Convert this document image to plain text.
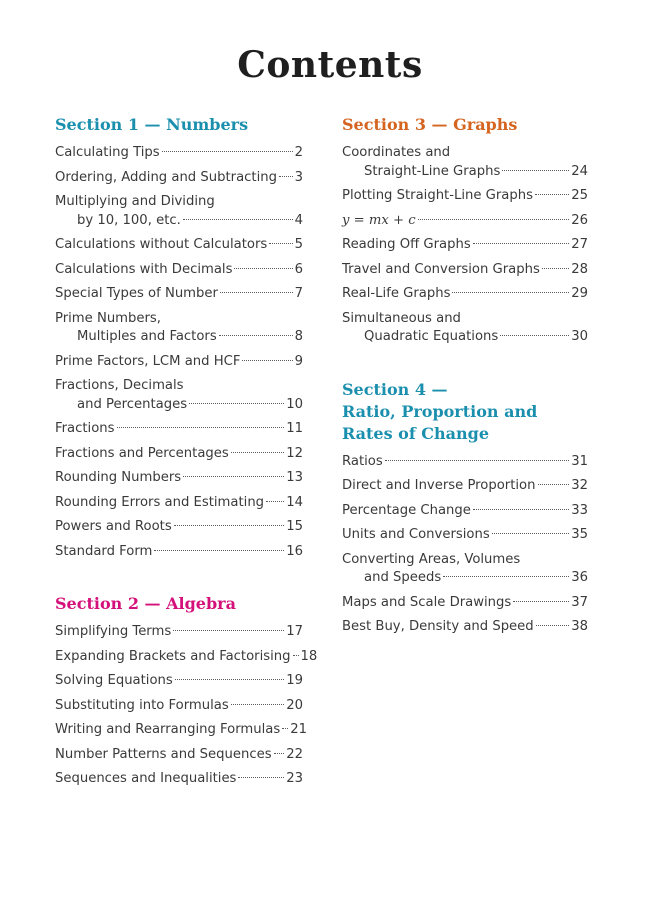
Contents
Section 1 — Numbers
Calculating Tips	2
Ordering, Adding and Subtracting 3
Multiplying and Dividing
by 10, 100, etc.	4
Calculations without Calculators 5
Calculations with Decimals	6
Special Types of Number	7
Prime Numbers,
Multiples and Factors	8
Prime Factors, LCM and HCF	9
Fractions, Decimals
and Percentages	10
Fractions	11
Fractions and Percentages	12
Rounding Numbers	13
Rounding Errors and Estimating 14
Powers and Roots	15
Standard Form	16
Section 2 — Algebra
Simplifying Terms	17
Expanding Brackets and Factorising 18
Solving Equations	19
Substituting into Formulas	20
Writing and Rearranging Formulas 21
Number Patterns and Sequences 22
Sequences and Inequalities	23
Section 3 — Graphs
Coordinates and
Straight-Line Graphs	24
Plotting Straight-Line Graphs	25
y = mx + c	26
Reading Off Graphs	27
Travel and Conversion Graphs 28
Real-Life Graphs	29
Simultaneous and
Quadratic Equations	30
Section 4 —
Ratio, Proportion and
Rates of Change
Ratios	31
Direct and Inverse Proportion	32
Percentage Change	33
Units and Conversions	35
Converting Areas, Volumes
and Speeds	36
Maps and Scale Drawings	37
Best Buy, Density and Speed	38
